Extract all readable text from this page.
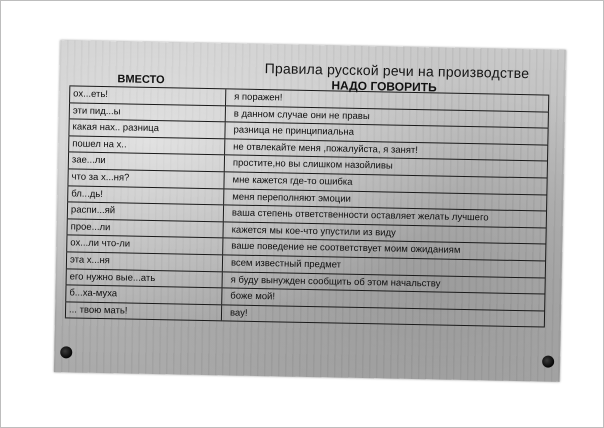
Правила русской речи на производстве
ВМЕСТО	НАДО ГОВОРИТЬ
ох...еть!	я поражен!
эти пид...ы	в данном случае они не правы
какая нах.. разница	разница не принципиальна
пошел на х..	не отвлекайте меня ,пожалуйста, я занят!
зае...ли	простите,но вы слишком назойливы
что за х...ня?	мне кажется где-то ошибка
бл...дь!	меня переполняют эмоции
распи...яй	ваша степень ответственности оставляет желать лучшего
прое...ли	кажется мы кое-что упустили из виду
ох...ли что-ли	ваше поведение не соответствует моим ожиданиям
эта х...ня	всем известный предмет
его нужно вые...ать	я буду вынужден сообщить об этом начальству
б...ха-муха	боже мой!
... твою мать!	вау!
